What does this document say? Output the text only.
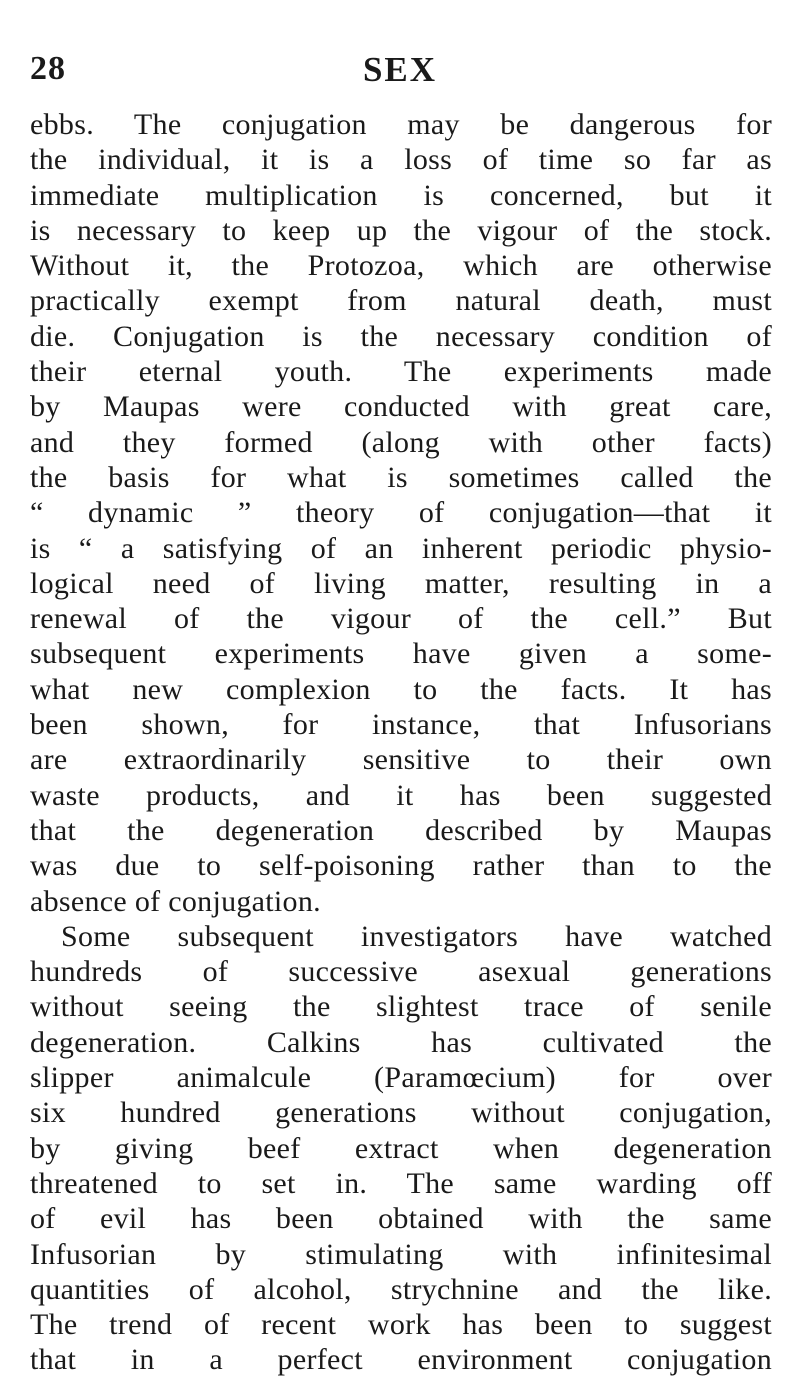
28	SEX
ebbs. The conjugation may be dangerous for
the individual, it is a loss of time so far as
immediate multiplication is concerned, but it
is necessary to keep up the vigour of the stock.
Without it, the Protozoa, which are otherwise
practically exempt from natural death, must
die. Conjugation is the necessary condition of
their eternal youth. The experiments made
by Maupas were conducted with great care,
and they formed (along with other facts)
the basis for what is sometimes called the
“ dynamic ” theory of conjugation—that it
is “ a satisfying of an inherent periodic physio-
logical need of living matter, resulting in a
renewal of the vigour of the cell.” But
subsequent experiments have given a some-
what new complexion to the facts. It has
been shown, for instance, that Infusorians
are extraordinarily sensitive to their own
waste products, and it has been suggested
that the degeneration described by Maupas
was due to self-poisoning rather than to the
absence of conjugation.
Some subsequent investigators have watched
hundreds of successive asexual generations
without seeing the slightest trace of senile
degeneration. Calkins has cultivated the
slipper animalcule (Paramœcium) for over
six hundred generations without conjugation,
by giving beef extract when degeneration
threatened to set in. The same warding off
of evil has been obtained with the same
Infusorian by stimulating with infinitesimal
quantities of alcohol, strychnine and the like.
The trend of recent work has been to suggest
that in a perfect environment conjugation
